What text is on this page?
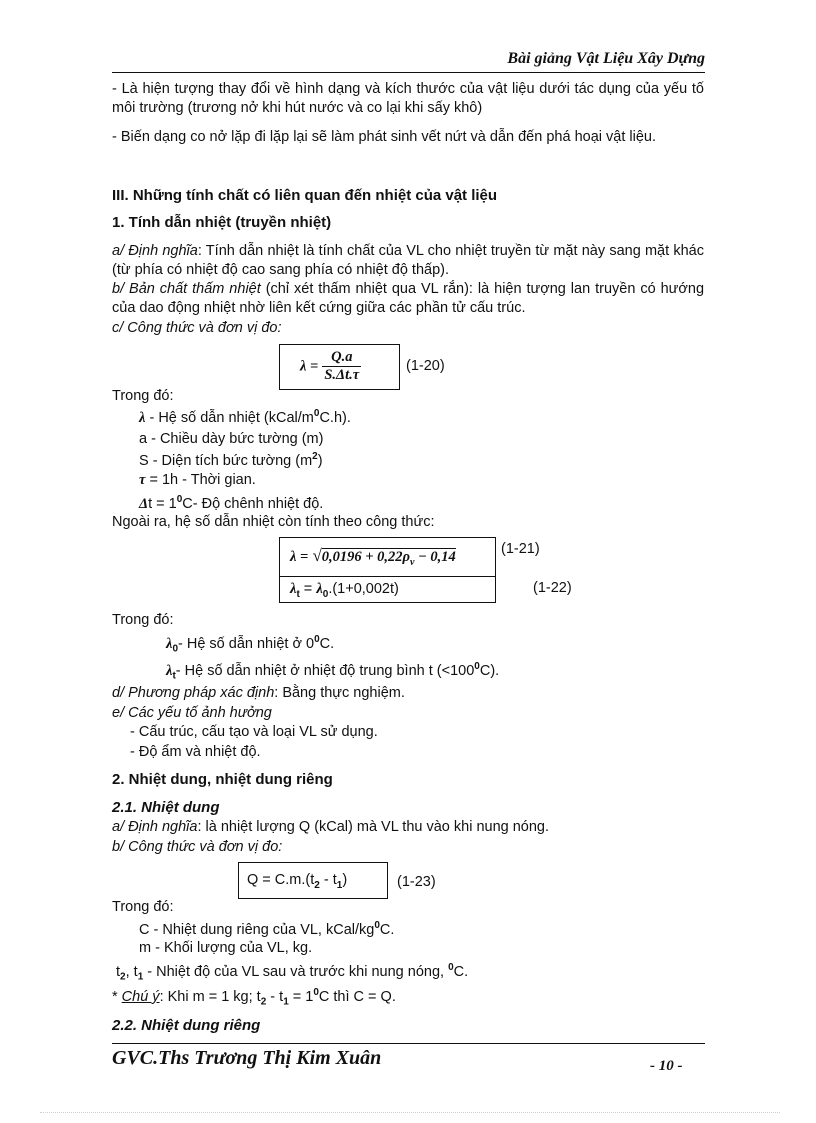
Bài giảng Vật Liệu Xây Dựng
- Là hiện tượng thay đổi về hình dạng và kích thước của vật liệu dưới tác dụng của yếu tố môi trường (trương nở khi hút nước và co lại khi sấy khô)
- Biến dạng co nở lặp đi lặp lại sẽ làm phát sinh vết nứt và dẫn đến phá hoại vật liệu.
III. Những tính chất có liên quan đến nhiệt của vật liệu
1. Tính dẫn nhiệt (truyền nhiệt)
a/ Định nghĩa: Tính dẫn nhiệt là tính chất của VL cho nhiệt truyền từ mặt này sang mặt khác (từ phía có nhiệt độ cao sang phía có nhiệt độ thấp).
b/ Bản chất thấm nhiệt (chỉ xét thấm nhiệt qua VL rắn): là hiện tượng lan truyền có hướng của dao động nhiệt nhờ liên kết cứng giữa các phần tử cấu trúc.
c/ Công thức và đơn vị đo:
$\lambda = \frac{Q.a}{S.\Delta t.\tau}$	(1-20)
Trong đó:
λ - Hệ số dẫn nhiệt $(kCal/m^0C.h)$.
a - Chiều dày bức tường (m)
S - Diện tích bức tường $(m^2)$
τ = 1h - Thời gian.
$\Delta t = 1^0C-$ Độ chênh nhiệt độ.
Ngoài ra, hệ số dẫn nhiệt còn tính theo công thức:
$\lambda = √0,0196 + 0,22\rho_v - 0,14$	(1-21)
$\lambda_t = \lambda_0.(1+0,002t)$	(1-22)
Trong đó:
$\lambda_0-$ Hệ số dẫn nhiệt ở $0^0C$.
$\lambda_t-$ Hệ số dẫn nhiệt ở nhiệt độ trung bình t $(<100^0C)$.
d/ Phương pháp xác định: Bằng thực nghiệm.
e/ Các yếu tố ảnh hưởng
- Cấu trúc, cấu tạo và loại VL sử dụng.
- Độ ẩm và nhiệt độ.
2. Nhiệt dung, nhiệt dung riêng
2.1. Nhiệt dung
a/ Định nghĩa: là nhiệt lượng Q (kCal) mà VL thu vào khi nung nóng.
b/ Công thức và đơn vị đo:
$Q = C.m.(t_2 - t_1)$	(1-23)
Trong đó:
C - Nhiệt dung riêng của VL, kCal/$kg^0C$.
m - Khối lượng của VL, kg.
$t_2$, $t_1$ - Nhiệt độ của VL sau và trước khi nung nóng, $^0$C.
* Chú ý: Khi m = 1 kg; $t_2 - t_1 = 1^0C$ thì C = Q.
2.2. Nhiệt dung riêng
GVC.Ths Trương Thị Kim Xuân	- 10 -
